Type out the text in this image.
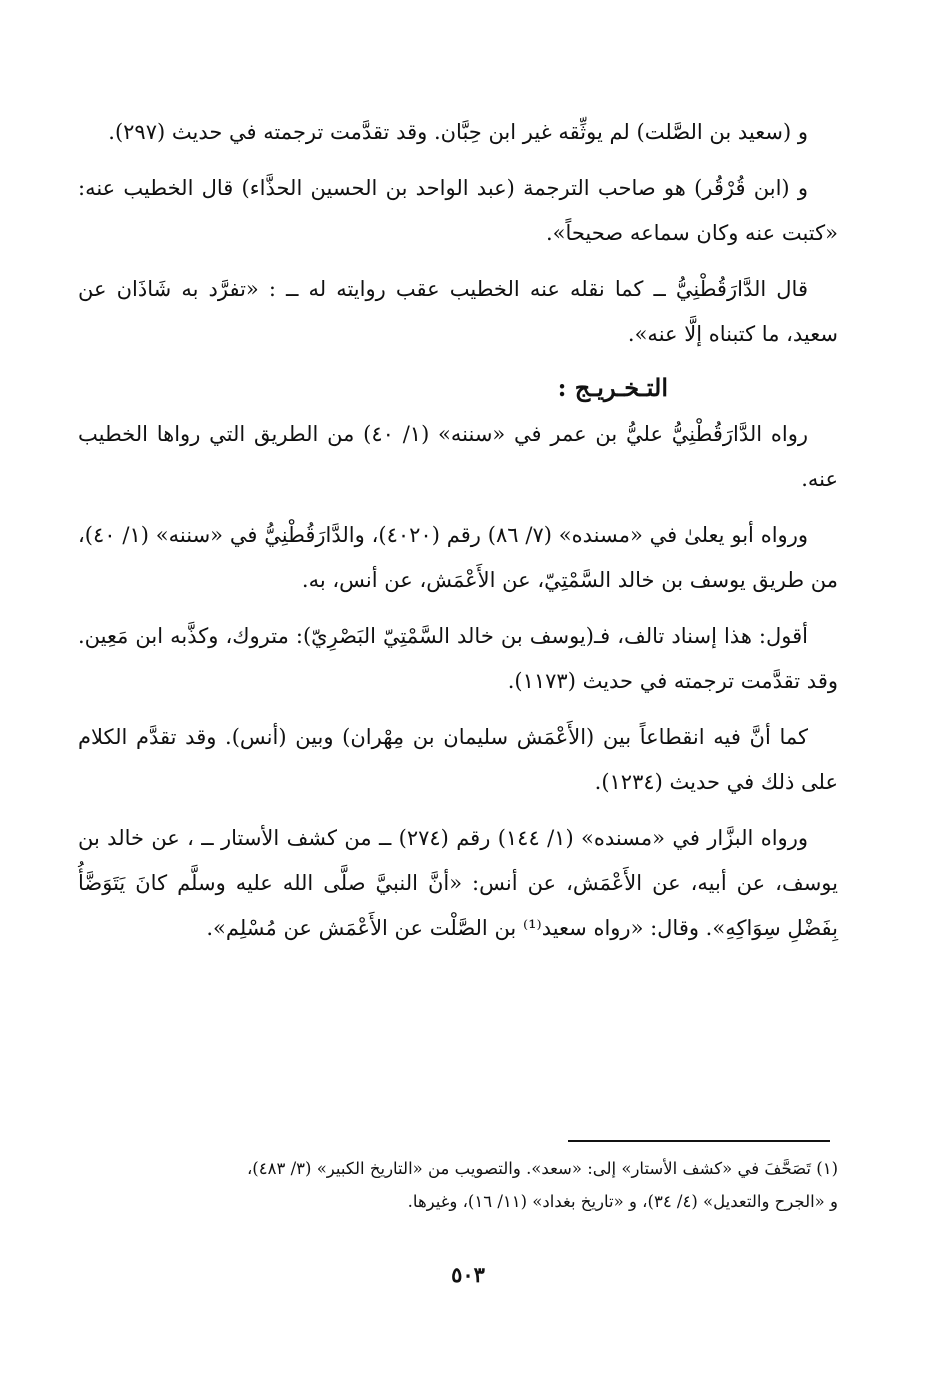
و (سعيد بن الصَّلت) لم يوثِّقه غير ابن حِبَّان. وقد تقدَّمت ترجمته في حديث (٢٩٧).

و (ابن قُرْقُر) هو صاحب الترجمة (عبد الواحد بن الحسين الحذَّاء) قال الخطيب عنه: «كتبت عنه وكان سماعه صحيحاً».

قال الدَّارَقُطْنِيُّ ــ كما نقله عنه الخطيب عقب روايته له ــ : «تفرَّد به شَاذَان عن سعيد، ما كتبناه إلَّا عنه».

التـخـريـج :

رواه الدَّارَقُطْنِيُّ عليُّ بن عمر في «سننه» (١/ ٤٠) من الطريق التي رواها الخطيب عنه.

ورواه أبو يعلىٰ في «مسنده» (٧/ ٨٦) رقم (٤٠٢٠)، والدَّارَقُطْنِيُّ في «سننه» (١/ ٤٠)، من طريق يوسف بن خالد السَّمْتِيّ، عن الأَعْمَش، عن أنس، به.

أقول: هذا إسناد تالف، فـ(يوسف بن خالد السَّمْتِيّ البَصْرِيّ): متروك، وكذَّبه ابن مَعِين. وقد تقدَّمت ترجمته في حديث (١١٧٣).

كما أنَّ فيه انقطاعاً بين (الأَعْمَش سليمان بن مِهْران) وبين (أنس). وقد تقدَّم الكلام على ذلك في حديث (١٢٣٤).

ورواه البزَّار في «مسنده» (١/ ١٤٤) رقم (٢٧٤) ــ من كشف الأستار ــ ، عن خالد بن يوسف، عن أبيه، عن الأَعْمَش، عن أنس: «أنَّ النبيَّ صلَّى الله عليه وسلَّم كانَ يَتَوَضَّأُ بِفَضْلِ سِوَاكِهِ». وقال: «رواه سعيد⁽¹⁾ بن الصَّلْت عن الأَعْمَش عن مُسْلِم».

(١) تَصَحَّفَ في «كشف الأستار» إلى: «سعد». والتصويب من «التاريخ الكبير» (٣/ ٤٨٣)،

و «الجرح والتعديل» (٤/ ٣٤)، و «تاريخ بغداد» (١١/ ١٦)، وغيرها.

٥٠٣
